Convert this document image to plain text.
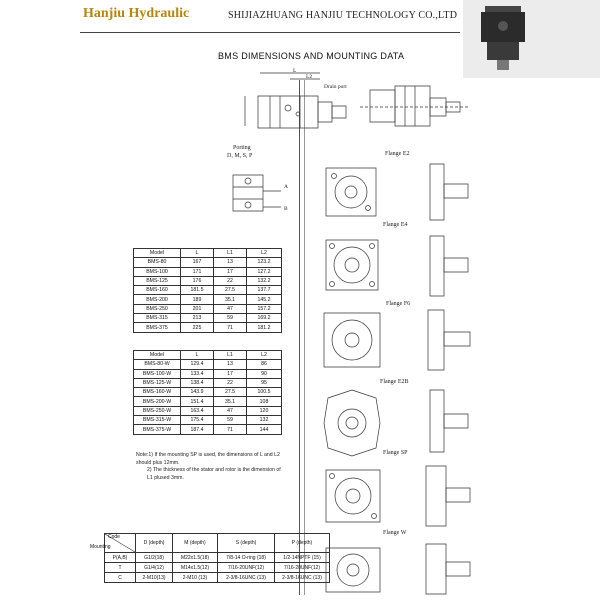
Hanjiu Hydraulic	SHIJIAZHUANG HANJIU TECHNOLOGY CO.,LTD
BMS DIMENSIONS AND MOUNTING DATA
L
L2
Drain port
Porting
D, M, S, P
A
B
Flange E2
Flange E4
Flange F6
Flange E2B
Flange SP
Flange W
Model	L	L1	L2
BMS-80	167	13	123.2
BMS-100	171	17	127.2
BMS-125	176	22	132.2
BMS-160	181.5	27.5	137.7
BMS-200	189	35.1	145.2
BMS-250	201	47	157.2
BMS-315	213	59	169.2
BMS-375	225	71	181.2
Model	L	L1	L2
BMS-80-W	129.4	13	86
BMS-100-W	133.4	17	90
BMS-125-W	138.4	22	95
BMS-160-W	143.9	27.5	100.5
BMS-200-W	151.4	35.1	108
BMS-250-W	163.4	47	120
BMS-315-W	175.4	59	132
BMS-375-W	187.4	71	144
Note:1) If the mounting SP is used, the dimensions of L and L2 should plus 12mm.
2) The thickness of the stator and rotor is the dimension of L1 plused 3mm.
Code
Mounting	D (depth)	M (depth)	S (depth)	P (depth)
P(A,B)	G1/2(18)	M22x1.5(18)	7/8-14 O-ring (18)	1/2-14NPTF (15)
T	G1/4(12)	M14x1.5(12)	7/16-20UNF(12)	7/16-20UNF(12)
C	2-M10(13)	2-M10 (13)	2-3/8-16UNC (13)	2-3/8-16UNC (13)
